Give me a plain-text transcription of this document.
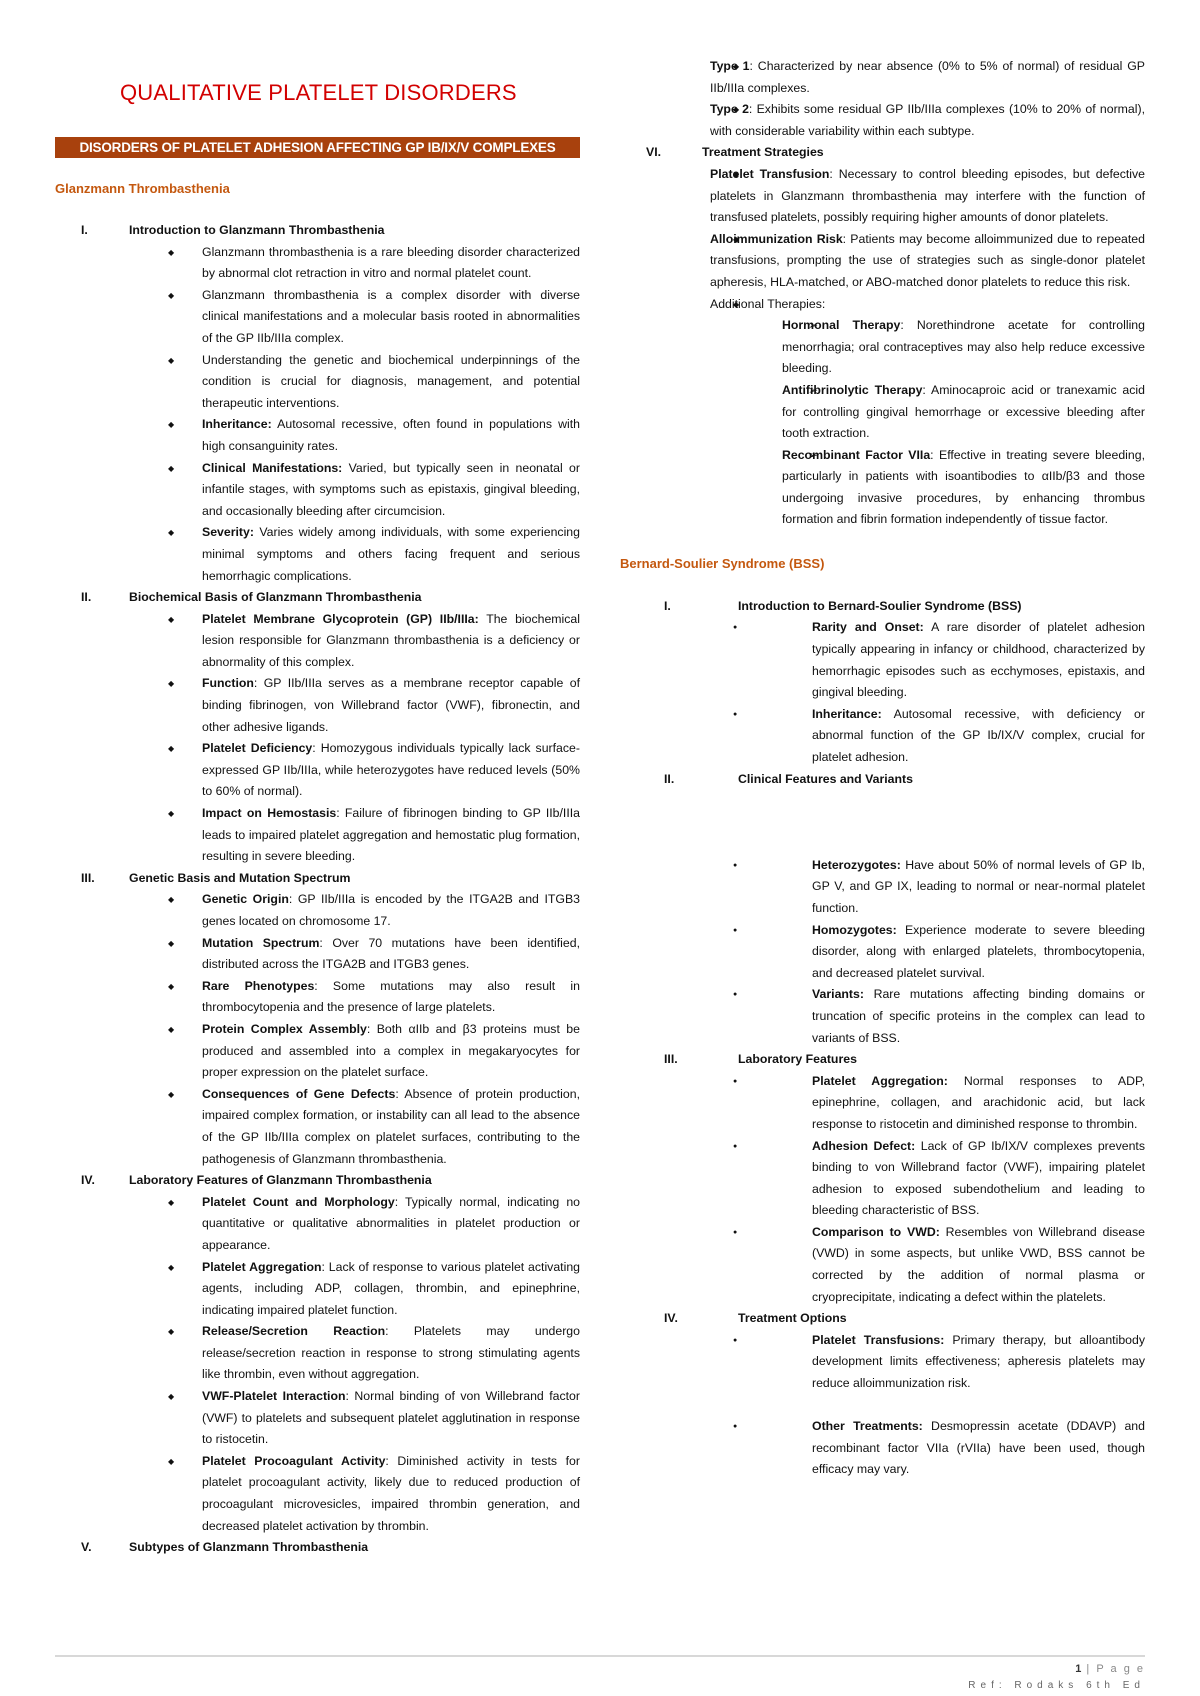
QUALITATIVE PLATELET DISORDERS
DISORDERS OF PLATELET ADHESION AFFECTING GP IB/IX/V COMPLEXES
Glanzmann Thrombasthenia
I.	Introduction to Glanzmann Thrombasthenia
◆ Glanzmann thrombasthenia is a rare bleeding disorder characterized by abnormal clot retraction in vitro and normal platelet count.
◆ Glanzmann thrombasthenia is a complex disorder with diverse clinical manifestations and a molecular basis rooted in abnormalities of the GP IIb/IIIa complex.
◆ Understanding the genetic and biochemical underpinnings of the condition is crucial for diagnosis, management, and potential therapeutic interventions.
◆ Inheritance: Autosomal recessive, often found in populations with high consanguinity rates.
◆ Clinical Manifestations: Varied, but typically seen in neonatal or infantile stages, with symptoms such as epistaxis, gingival bleeding, and occasionally bleeding after circumcision.
◆ Severity: Varies widely among individuals, with some experiencing minimal symptoms and others facing frequent and serious hemorrhagic complications.
II.	Biochemical Basis of Glanzmann Thrombasthenia
◆ Platelet Membrane Glycoprotein (GP) IIb/IIIa: The biochemical lesion responsible for Glanzmann thrombasthenia is a deficiency or abnormality of this complex.
◆ Function: GP IIb/IIIa serves as a membrane receptor capable of binding fibrinogen, von Willebrand factor (VWF), fibronectin, and other adhesive ligands.
◆ Platelet Deficiency: Homozygous individuals typically lack surface-expressed GP IIb/IIIa, while heterozygotes have reduced levels (50% to 60% of normal).
◆ Impact on Hemostasis: Failure of fibrinogen binding to GP IIb/IIIa leads to impaired platelet aggregation and hemostatic plug formation, resulting in severe bleeding.
III.	Genetic Basis and Mutation Spectrum
◆ Genetic Origin: GP IIb/IIIa is encoded by the ITGA2B and ITGB3 genes located on chromosome 17.
◆ Mutation Spectrum: Over 70 mutations have been identified, distributed across the ITGA2B and ITGB3 genes.
◆ Rare Phenotypes: Some mutations may also result in thrombocytopenia and the presence of large platelets.
◆ Protein Complex Assembly: Both αIIb and β3 proteins must be produced and assembled into a complex in megakaryocytes for proper expression on the platelet surface.
◆ Consequences of Gene Defects: Absence of protein production, impaired complex formation, or instability can all lead to the absence of the GP IIb/IIIa complex on platelet surfaces, contributing to the pathogenesis of Glanzmann thrombasthenia.
IV.	Laboratory Features of Glanzmann Thrombasthenia
◆ Platelet Count and Morphology: Typically normal, indicating no quantitative or qualitative abnormalities in platelet production or appearance.
◆ Platelet Aggregation: Lack of response to various platelet activating agents, including ADP, collagen, thrombin, and epinephrine, indicating impaired platelet function.
◆ Release/Secretion Reaction: Platelets may undergo release/secretion reaction in response to strong stimulating agents like thrombin, even without aggregation.
◆ VWF-Platelet Interaction: Normal binding of von Willebrand factor (VWF) to platelets and subsequent platelet agglutination in response to ristocetin.
◆ Platelet Procoagulant Activity: Diminished activity in tests for platelet procoagulant activity, likely due to reduced production of procoagulant microvesicles, impaired thrombin generation, and decreased platelet activation by thrombin.
V.	Subtypes of Glanzmann Thrombasthenia
◆ Type 1: Characterized by near absence (0% to 5% of normal) of residual GP IIb/IIIa complexes.
◆ Type 2: Exhibits some residual GP IIb/IIIa complexes (10% to 20% of normal), with considerable variability within each subtype.
VI.	Treatment Strategies
◆ Platelet Transfusion: Necessary to control bleeding episodes, but defective platelets in Glanzmann thrombasthenia may interfere with the function of transfused platelets, possibly requiring higher amounts of donor platelets.
◆ Alloimmunization Risk: Patients may become alloimmunized due to repeated transfusions, prompting the use of strategies such as single-donor platelet apheresis, HLA-matched, or ABO-matched donor platelets to reduce this risk.
◆ Additional Therapies:
➢ Hormonal Therapy: Norethindrone acetate for controlling menorrhagia; oral contraceptives may also help reduce excessive bleeding.
➢ Antifibrinolytic Therapy: Aminocaproic acid or tranexamic acid for controlling gingival hemorrhage or excessive bleeding after tooth extraction.
➢ Recombinant Factor VIIa: Effective in treating severe bleeding, particularly in patients with isoantibodies to αIIb/β3 and those undergoing invasive procedures, by enhancing thrombus formation and fibrin formation independently of tissue factor.
Bernard-Soulier Syndrome (BSS)
I.	Introduction to Bernard-Soulier Syndrome (BSS)
● Rarity and Onset: A rare disorder of platelet adhesion typically appearing in infancy or childhood, characterized by hemorrhagic episodes such as ecchymoses, epistaxis, and gingival bleeding.
● Inheritance: Autosomal recessive, with deficiency or abnormal function of the GP Ib/IX/V complex, crucial for platelet adhesion.
II.	Clinical Features and Variants
● Heterozygotes: Have about 50% of normal levels of GP Ib, GP V, and GP IX, leading to normal or near-normal platelet function.
● Homozygotes: Experience moderate to severe bleeding disorder, along with enlarged platelets, thrombocytopenia, and decreased platelet survival.
● Variants: Rare mutations affecting binding domains or truncation of specific proteins in the complex can lead to variants of BSS.
III.	Laboratory Features
● Platelet Aggregation: Normal responses to ADP, epinephrine, collagen, and arachidonic acid, but lack response to ristocetin and diminished response to thrombin.
● Adhesion Defect: Lack of GP Ib/IX/V complexes prevents binding to von Willebrand factor (VWF), impairing platelet adhesion to exposed subendothelium and leading to bleeding characteristic of BSS.
● Comparison to VWD: Resembles von Willebrand disease (VWD) in some aspects, but unlike VWD, BSS cannot be corrected by the addition of normal plasma or cryoprecipitate, indicating a defect within the platelets.
IV.	Treatment Options
● Platelet Transfusions: Primary therapy, but alloantibody development limits effectiveness; apheresis platelets may reduce alloimmunization risk.
● Other Treatments: Desmopressin acetate (DDAVP) and recombinant factor VIIa (rVIIa) have been used, though efficacy may vary.
1 | P a g e
Ref: Rodaks 6th Ed
